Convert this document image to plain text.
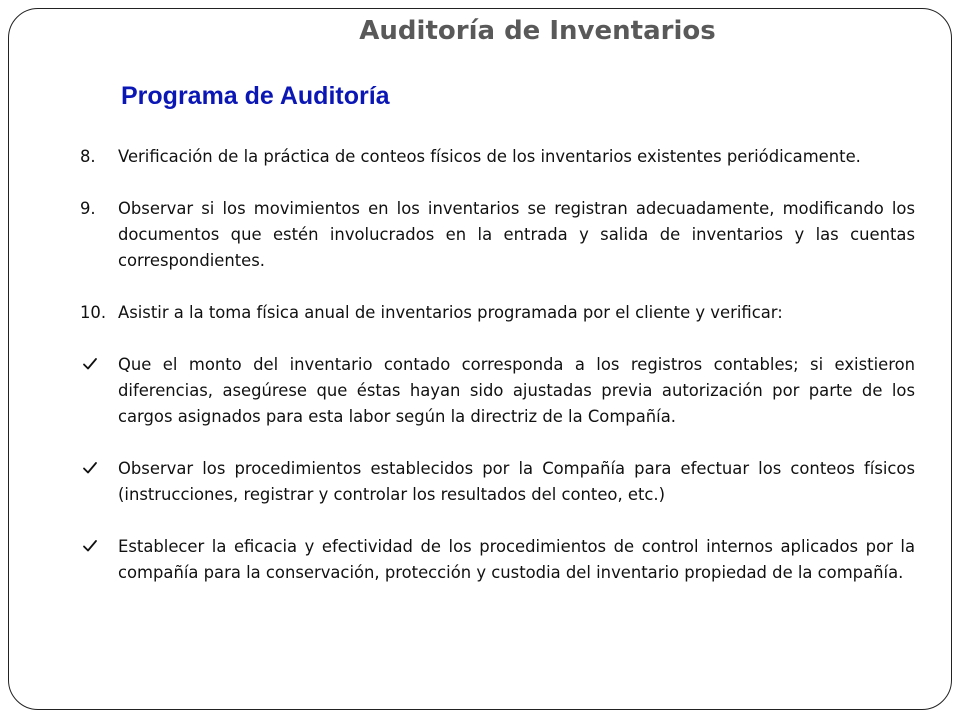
Auditoría de Inventarios
Programa de Auditoría
8.	Verificación de la práctica de conteos físicos de los inventarios existentes periódicamente.
9.	Observar si los movimientos en los inventarios se registran adecuadamente, modificando los documentos que estén involucrados en la entrada y salida de inventarios y las cuentas correspondientes.
10. Asistir a la toma física anual de inventarios programada por el cliente y verificar:
Que el monto del inventario contado corresponda a los registros contables; si existieron diferencias, asegúrese que éstas hayan sido ajustadas previa autorización por parte de los cargos asignados para esta labor según la directriz de la Compañía.
Observar los procedimientos establecidos por la Compañía para efectuar los conteos físicos (instrucciones, registrar y controlar los resultados del conteo, etc.)
Establecer la eficacia y efectividad de los procedimientos de control internos aplicados por la compañía para la conservación, protección y custodia del inventario propiedad de la compañía.
